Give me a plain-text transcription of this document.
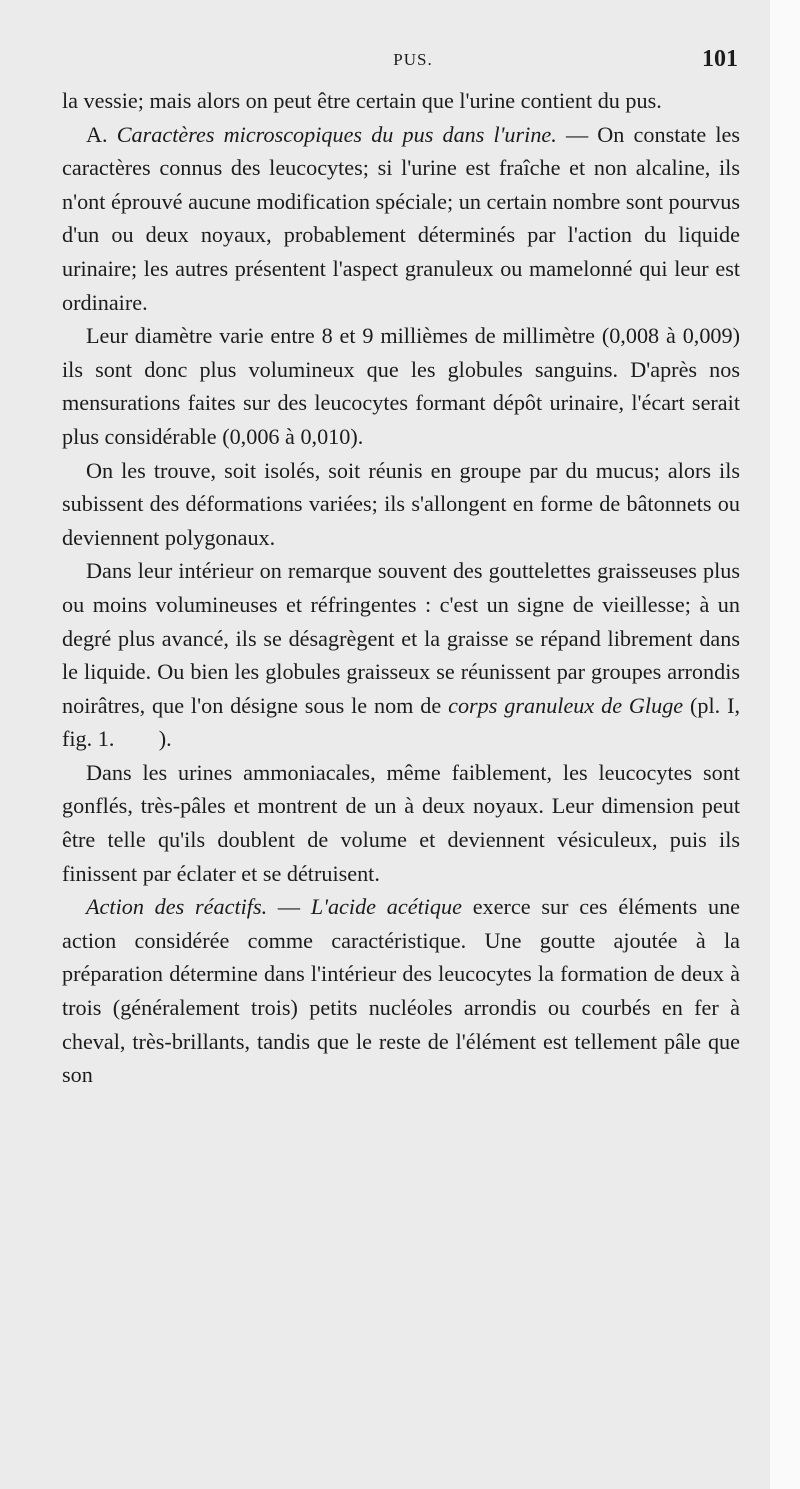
PUS.	101

la vessie; mais alors on peut être certain que l'urine contient du pus.

A. Caractères microscopiques du pus dans l'urine. — On constate les caractères connus des leucocytes; si l'urine est fraîche et non alcaline, ils n'ont éprouvé aucune modification spéciale; un certain nombre sont pourvus d'un ou deux noyaux, probablement déterminés par l'action du liquide urinaire; les autres présentent l'aspect granuleux ou mamelonné qui leur est ordinaire.

Leur diamètre varie entre 8 et 9 millièmes de millimètre (0,008 à 0,009) ils sont donc plus volumineux que les globules sanguins. D'après nos mensurations faites sur des leucocytes formant dépôt urinaire, l'écart serait plus considérable (0,006 à 0,010).

On les trouve, soit isolés, soit réunis en groupe par du mucus; alors ils subissent des déformations variées; ils s'allongent en forme de bâtonnets ou deviennent polygonaux.

Dans leur intérieur on remarque souvent des gouttelettes graisseuses plus ou moins volumineuses et réfringentes : c'est un signe de vieillesse; à un degré plus avancé, ils se désagrègent et la graisse se répand librement dans le liquide. Ou bien les globules graisseux se réunissent par groupes arrondis noirâtres, que l'on désigne sous le nom de corps granuleux de Gluge (pl. I, fig. 1.        ).

Dans les urines ammoniacales, même faiblement, les leucocytes sont gonflés, très-pâles et montrent de un à deux noyaux. Leur dimension peut être telle qu'ils doublent de volume et deviennent vésiculeux, puis ils finissent par éclater et se détruisent.

Action des réactifs. — L'acide acétique exerce sur ces éléments une action considérée comme caractéristique. Une goutte ajoutée à la préparation détermine dans l'intérieur des leucocytes la formation de deux à trois (généralement trois) petits nucléoles arrondis ou courbés en fer à cheval, très-brillants, tandis que le reste de l'élément est tellement pâle que son
